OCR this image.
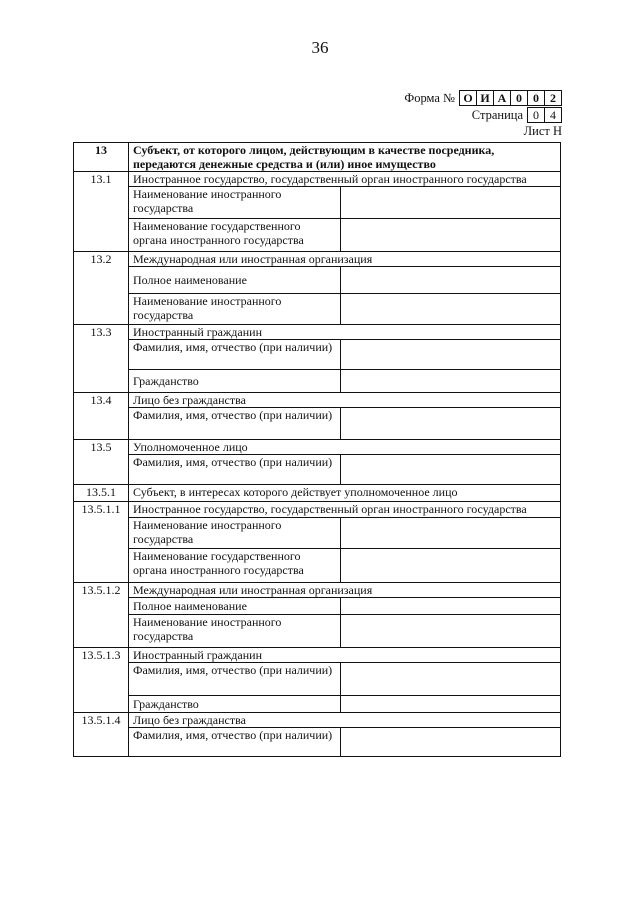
36
Форма № О И А 0 0 2
Страница 0 4
Лист Н
13	Субъект, от которого лицом, действующим в качестве посредника,
передаются денежные средства и (или) иное имущество	

13.1	Иностранное государство, государственный орган иностранного государства	
	Наименование иностранного государства	
	Наименование государственного органа иностранного государства	
13.2	Международная или иностранная организация	
	Полное наименование	
	Наименование иностранного государства	
13.3	Иностранный гражданин	
	Фамилия, имя, отчество (при наличии)	
	Гражданство	
13.4	Лицо без гражданства	
	Фамилия, имя, отчество (при наличии)	
13.5	Уполномоченное лицо	
	Фамилия, имя, отчество (при наличии)	
13.5.1	Субъект, в интересах которого действует уполномоченное лицо	
13.5.1.1	Иностранное государство, государственный орган иностранного государства	
	Наименование иностранного государства	
	Наименование государственного органа иностранного государства	
13.5.1.2	Международная или иностранная организация	
	Полное наименование	
	Наименование иностранного государства	
13.5.1.3	Иностранный гражданин	
	Фамилия, имя, отчество (при наличии)	
	Гражданство	
13.5.1.4	Лицо без гражданства	
	Фамилия, имя, отчество (при наличии)	
